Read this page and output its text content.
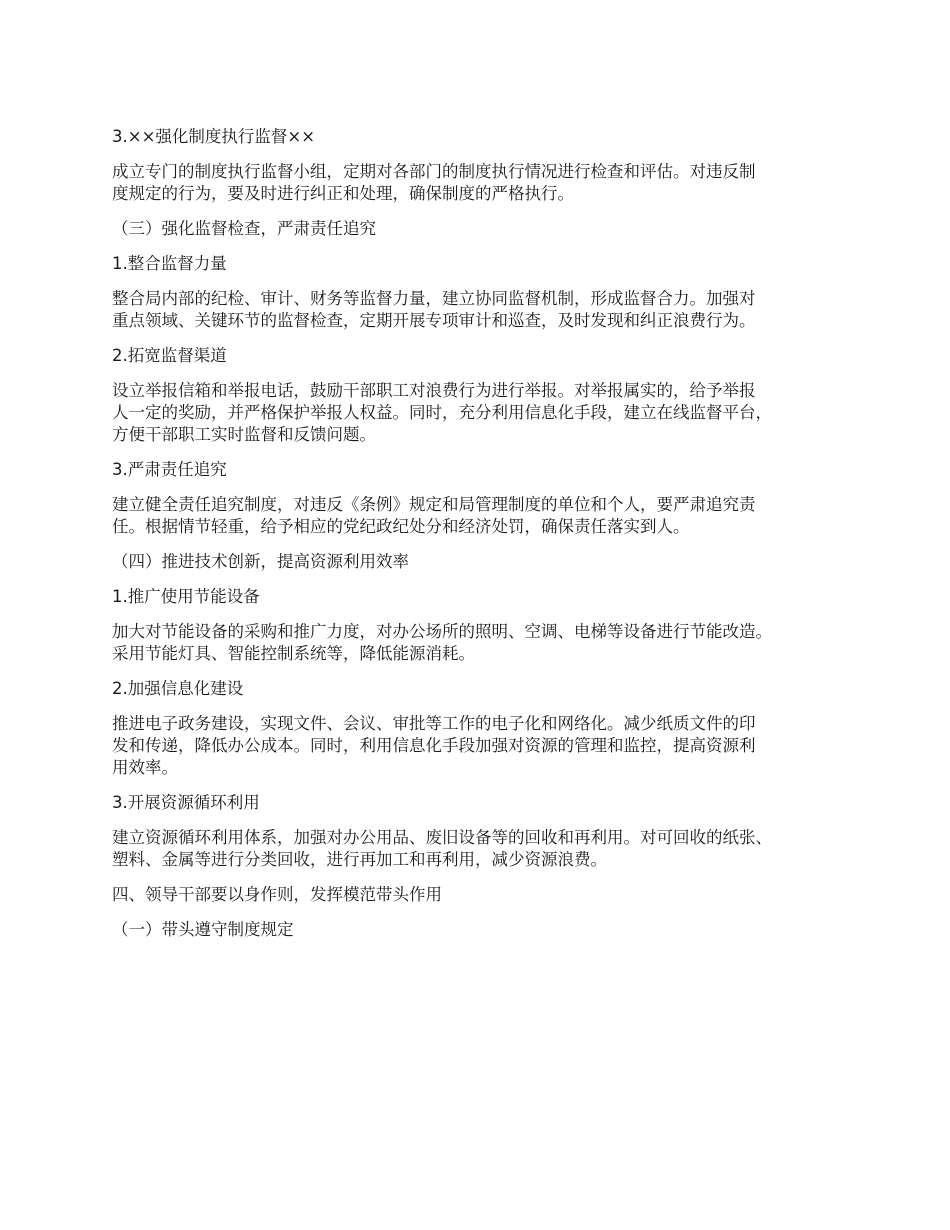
3.××强化制度执行监督××
成立专门的制度执行监督小组，定期对各部门的制度执行情况进行检查和评估。对违反制
度规定的行为，要及时进行纠正和处理，确保制度的严格执行。
（三）强化监督检查，严肃责任追究
1.整合监督力量
整合局内部的纪检、审计、财务等监督力量，建立协同监督机制，形成监督合力。加强对
重点领域、关键环节的监督检查，定期开展专项审计和巡查，及时发现和纠正浪费行为。
2.拓宽监督渠道
设立举报信箱和举报电话，鼓励干部职工对浪费行为进行举报。对举报属实的，给予举报
人一定的奖励，并严格保护举报人权益。同时，充分利用信息化手段，建立在线监督平台，
方便干部职工实时监督和反馈问题。
3.严肃责任追究
建立健全责任追究制度，对违反《条例》规定和局管理制度的单位和个人，要严肃追究责
任。根据情节轻重，给予相应的党纪政纪处分和经济处罚，确保责任落实到人。
（四）推进技术创新，提高资源利用效率
1.推广使用节能设备
加大对节能设备的采购和推广力度，对办公场所的照明、空调、电梯等设备进行节能改造。
采用节能灯具、智能控制系统等，降低能源消耗。
2.加强信息化建设
推进电子政务建设，实现文件、会议、审批等工作的电子化和网络化。减少纸质文件的印
发和传递，降低办公成本。同时，利用信息化手段加强对资源的管理和监控，提高资源利
用效率。
3.开展资源循环利用
建立资源循环利用体系，加强对办公用品、废旧设备等的回收和再利用。对可回收的纸张、
塑料、金属等进行分类回收，进行再加工和再利用，减少资源浪费。
四、领导干部要以身作则，发挥模范带头作用
（一）带头遵守制度规定
